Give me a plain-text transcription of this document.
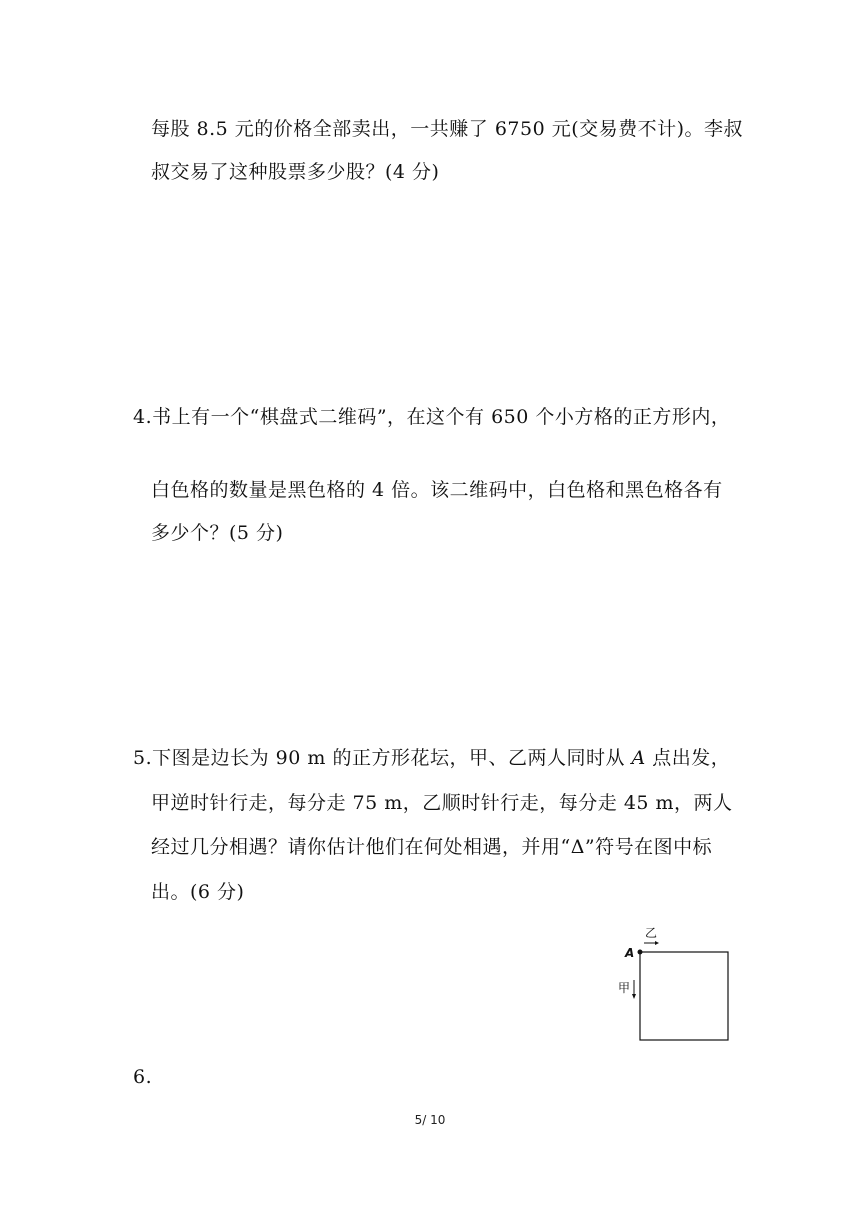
每股 8.5 元的价格全部卖出，一共赚了 6750 元(交易费不计)。李叔
叔交易了这种股票多少股？(4 分)
4.书上有一个“棋盘式二维码”，在这个有 650 个小方格的正方形内，
白色格的数量是黑色格的 4 倍。该二维码中，白色格和黑色格各有
多少个？(5 分)
5.下图是边长为 90 m 的正方形花坛，甲、乙两人同时从 A 点出发，
甲逆时针行走，每分走 75 m，乙顺时针行走，每分走 45 m，两人
经过几分相遇？请你估计他们在何处相遇，并用“Δ”符号在图中标
出。(6 分)
A
乙
甲
6.
5/ 10
